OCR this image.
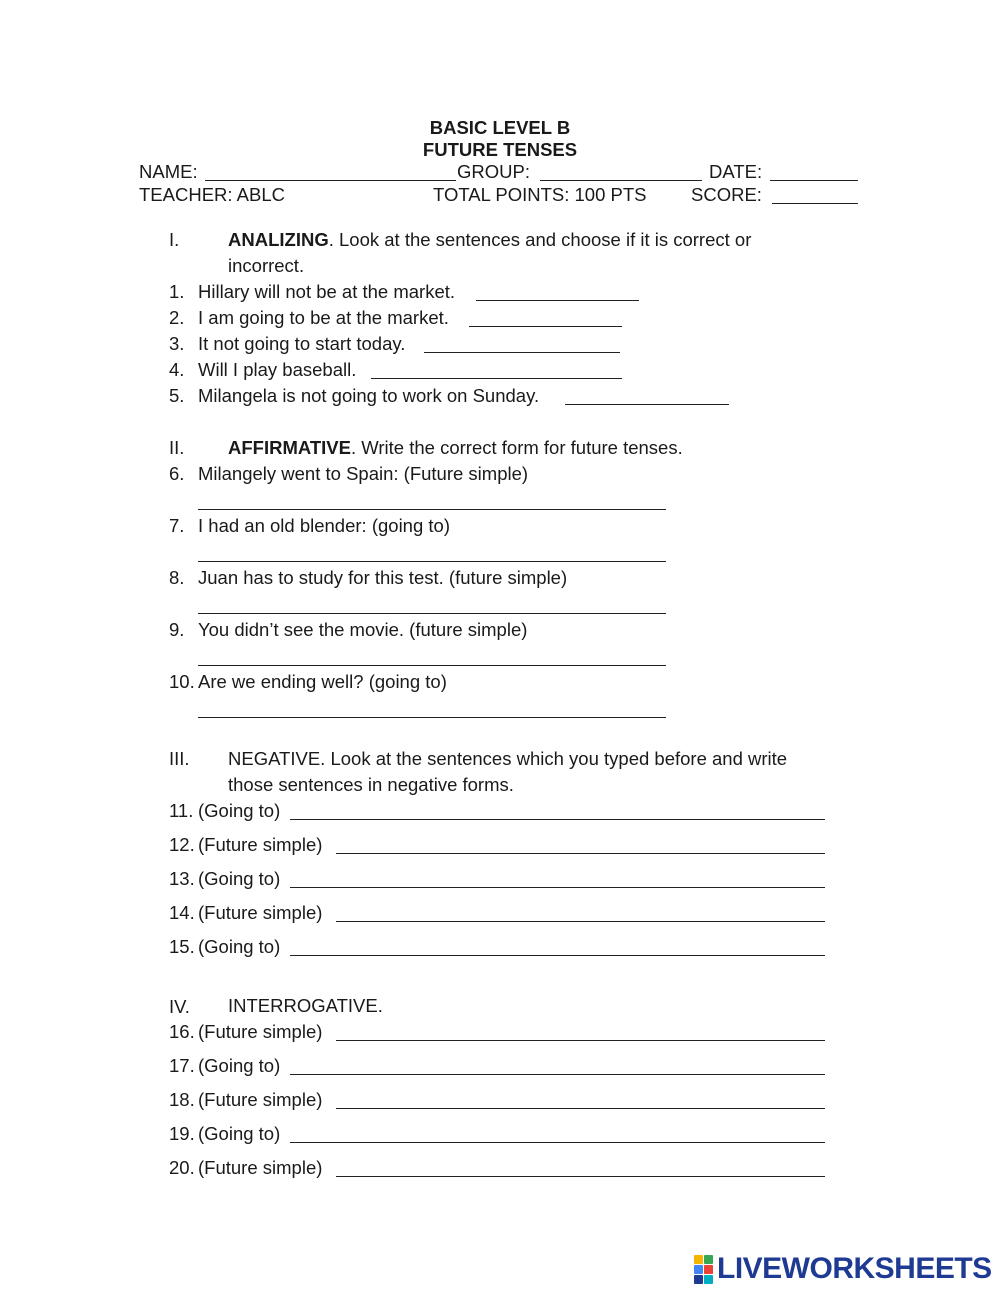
BASIC LEVEL B
FUTURE TENSES
NAME:	GROUP:	DATE:
TEACHER: ABLC	TOTAL POINTS: 100 PTS SCORE:
I.	ANALIZING. Look at the sentences and choose if it is correct or incorrect.
1. Hillary will not be at the market.
2. I am going to be at the market.
3. It not going to start today.
4. Will I play baseball.
5. Milangela is not going to work on Sunday.
II. AFFIRMATIVE. Write the correct form for future tenses.
6. Milangely went to Spain: (Future simple)
7. I had an old blender: (going to)
8. Juan has to study for this test. (future simple)
9. You didn’t see the movie. (future simple)
10. Are we ending well? (going to)
III. NEGATIVE. Look at the sentences which you typed before and write those sentences in negative forms.
11. (Going to)
12. (Future simple)
13. (Going to)
14. (Future simple)
15. (Going to)
IV. INTERROGATIVE.
16. (Future simple)
17. (Going to)
18. (Future simple)
19. (Going to)
20. (Future simple)
LIVEWORKSHEETS
